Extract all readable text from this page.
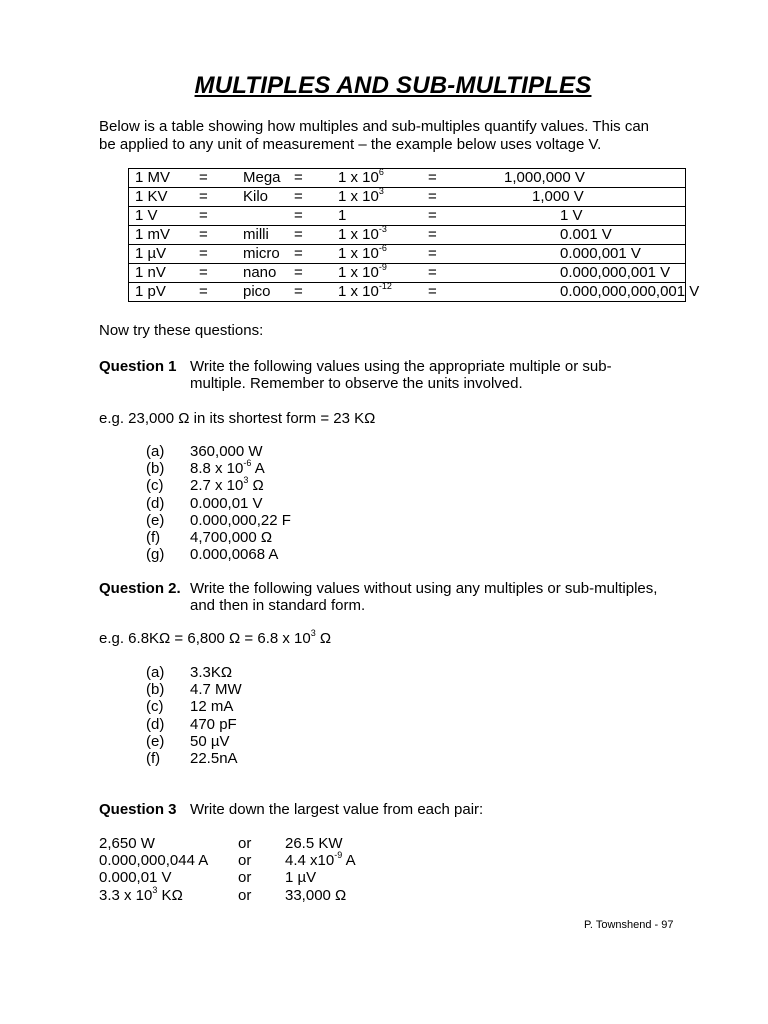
MULTIPLES AND SUB-MULTIPLES
Below is a table showing how multiples and sub-multiples quantify values. This can
be applied to any unit of measurement – the example below uses voltage V.
1 MV	=	Mega	=	1 x $10^6$	=	1,000,000 V
1 KV	=	Kilo	=	1 x $10^3$	=	1,000 V
1 V	=		=	1	=	1 V
1 mV	=	milli	=	1 x $10^{-3}$	=	0.001 V
1 µV	=	micro	=	1 x $10^{-6}$	=	0.000,001 V
1 nV	=	nano	=	1 x $10^{-9}$	=	0.000,000,001 V
1 pV	=	pico	=	1 x $10^{-12}$	=	0.000,000,000,001 V
Now try these questions:
Question 1 Write the following values using the appropriate multiple or sub-
multiple. Remember to observe the units involved.
e.g. 23,000 Ω in its shortest form = 23 KΩ
(a) 360,000 W
(b) 8.8 x $10^{-6}$ A
(c) 2.7 x $10^3$ Ω
(d) 0.000,01 V
(e) 0.000,000,22 F
(f) 4,700,000 Ω
(g) 0.000,0068 A
Question 2. Write the following values without using any multiples or sub-multiples,
and then in standard form.
e.g. 6.8KΩ = 6,800 Ω = 6.8 x $10^3$ Ω
(a) 3.3KΩ
(b) 4.7 MW
(c) 12 mA
(d) 470 pF
(e) 50 µV
(f) 22.5nA
Question 3 Write down the largest value from each pair:
2,650 W	or 26.5 KW
0.000,000,044 A or 4.4 $x10^{-9}$ A
0.000,01 V	or 1 µV
3.3 x $10^3$ KΩ	or 33,000 Ω
P. Townshend - 97
